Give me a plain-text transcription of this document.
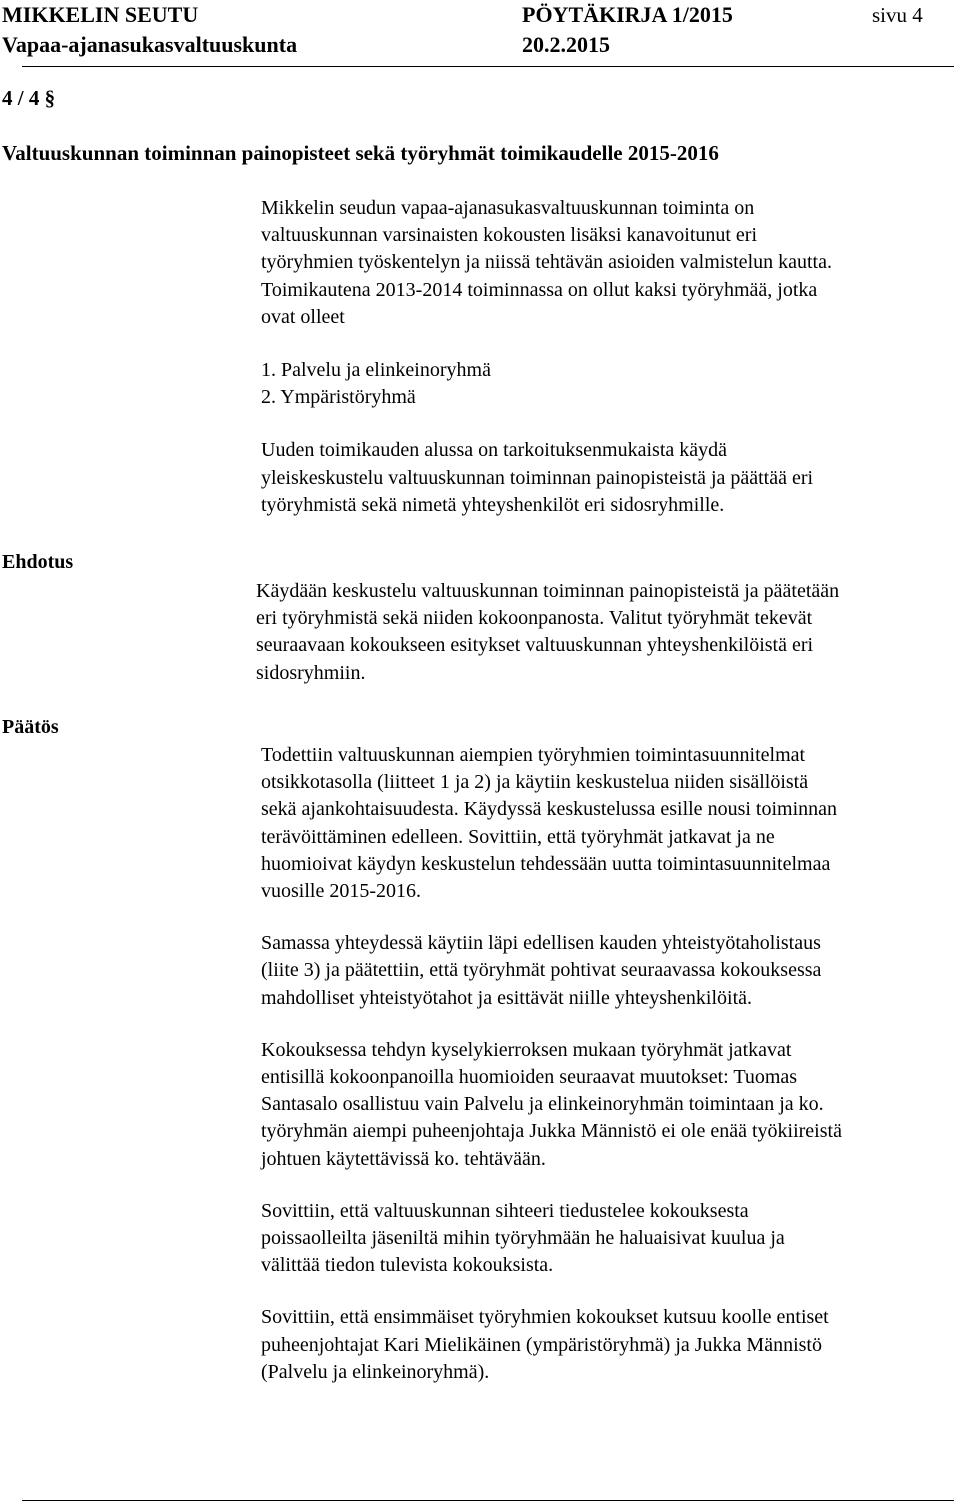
MIKKELIN SEUTU
Vapaa-ajanasukasvaltuuskunta
PÖYTÄKIRJA 1/2015
20.2.2015
sivu 4
4 / 4 §
Valtuuskunnan toiminnan painopisteet sekä työryhmät toimikaudelle 2015-2016

Mikkelin seudun vapaa-ajanasukasvaltuuskunnan toiminta on
valtuuskunnan varsinaisten kokousten lisäksi kanavoitunut eri
työryhmien työskentelyn ja niissä tehtävän asioiden valmistelun kautta.
Toimikautena 2013-2014 toiminnassa on ollut kaksi työryhmää, jotka
ovat olleet

1. Palvelu ja elinkeinoryhmä
2. Ympäristöryhmä

Uuden toimikauden alussa on tarkoituksenmukaista käydä
yleiskeskustelu valtuuskunnan toiminnan painopisteistä ja päättää eri
työryhmistä sekä nimetä yhteyshenkilöt eri sidosryhmille.

Ehdotus

Käydään keskustelu valtuuskunnan toiminnan painopisteistä ja päätetään
eri työryhmistä sekä niiden kokoonpanosta. Valitut työryhmät tekevät
seuraavaan kokoukseen esitykset valtuuskunnan yhteyshenkilöistä eri
sidosryhmiin.

Päätös

Todettiin valtuuskunnan aiempien työryhmien toimintasuunnitelmat
otsikkotasolla (liitteet 1 ja 2) ja käytiin keskustelua niiden sisällöistä
sekä ajankohtaisuudesta. Käydyssä keskustelussa esille nousi toiminnan
terävöittäminen edelleen. Sovittiin, että työryhmät jatkavat ja ne
huomioivat käydyn keskustelun tehdessään uutta toimintasuunnitelmaa
vuosille 2015-2016.

Samassa yhteydessä käytiin läpi edellisen kauden yhteistyötaholistaus
(liite 3) ja päätettiin, että työryhmät pohtivat seuraavassa kokouksessa
mahdolliset yhteistyötahot ja esittävät niille yhteyshenkilöitä.

Kokouksessa tehdyn kyselykierroksen mukaan työryhmät jatkavat
entisillä kokoonpanoilla huomioiden seuraavat muutokset: Tuomas
Santasalo osallistuu vain Palvelu ja elinkeinoryhmän toimintaan ja ko.
työryhmän aiempi puheenjohtaja Jukka Männistö ei ole enää työkiireistä
johtuen käytettävissä ko. tehtävään.

Sovittiin, että valtuuskunnan sihteeri tiedustelee kokouksesta
poissaolleilta jäseniltä mihin työryhmään he haluaisivat kuulua ja
välittää tiedon tulevista kokouksista.

Sovittiin, että ensimmäiset työryhmien kokoukset kutsuu koolle entiset
puheenjohtajat Kari Mielikäinen (ympäristöryhmä) ja Jukka Männistö
(Palvelu ja elinkeinoryhmä).
